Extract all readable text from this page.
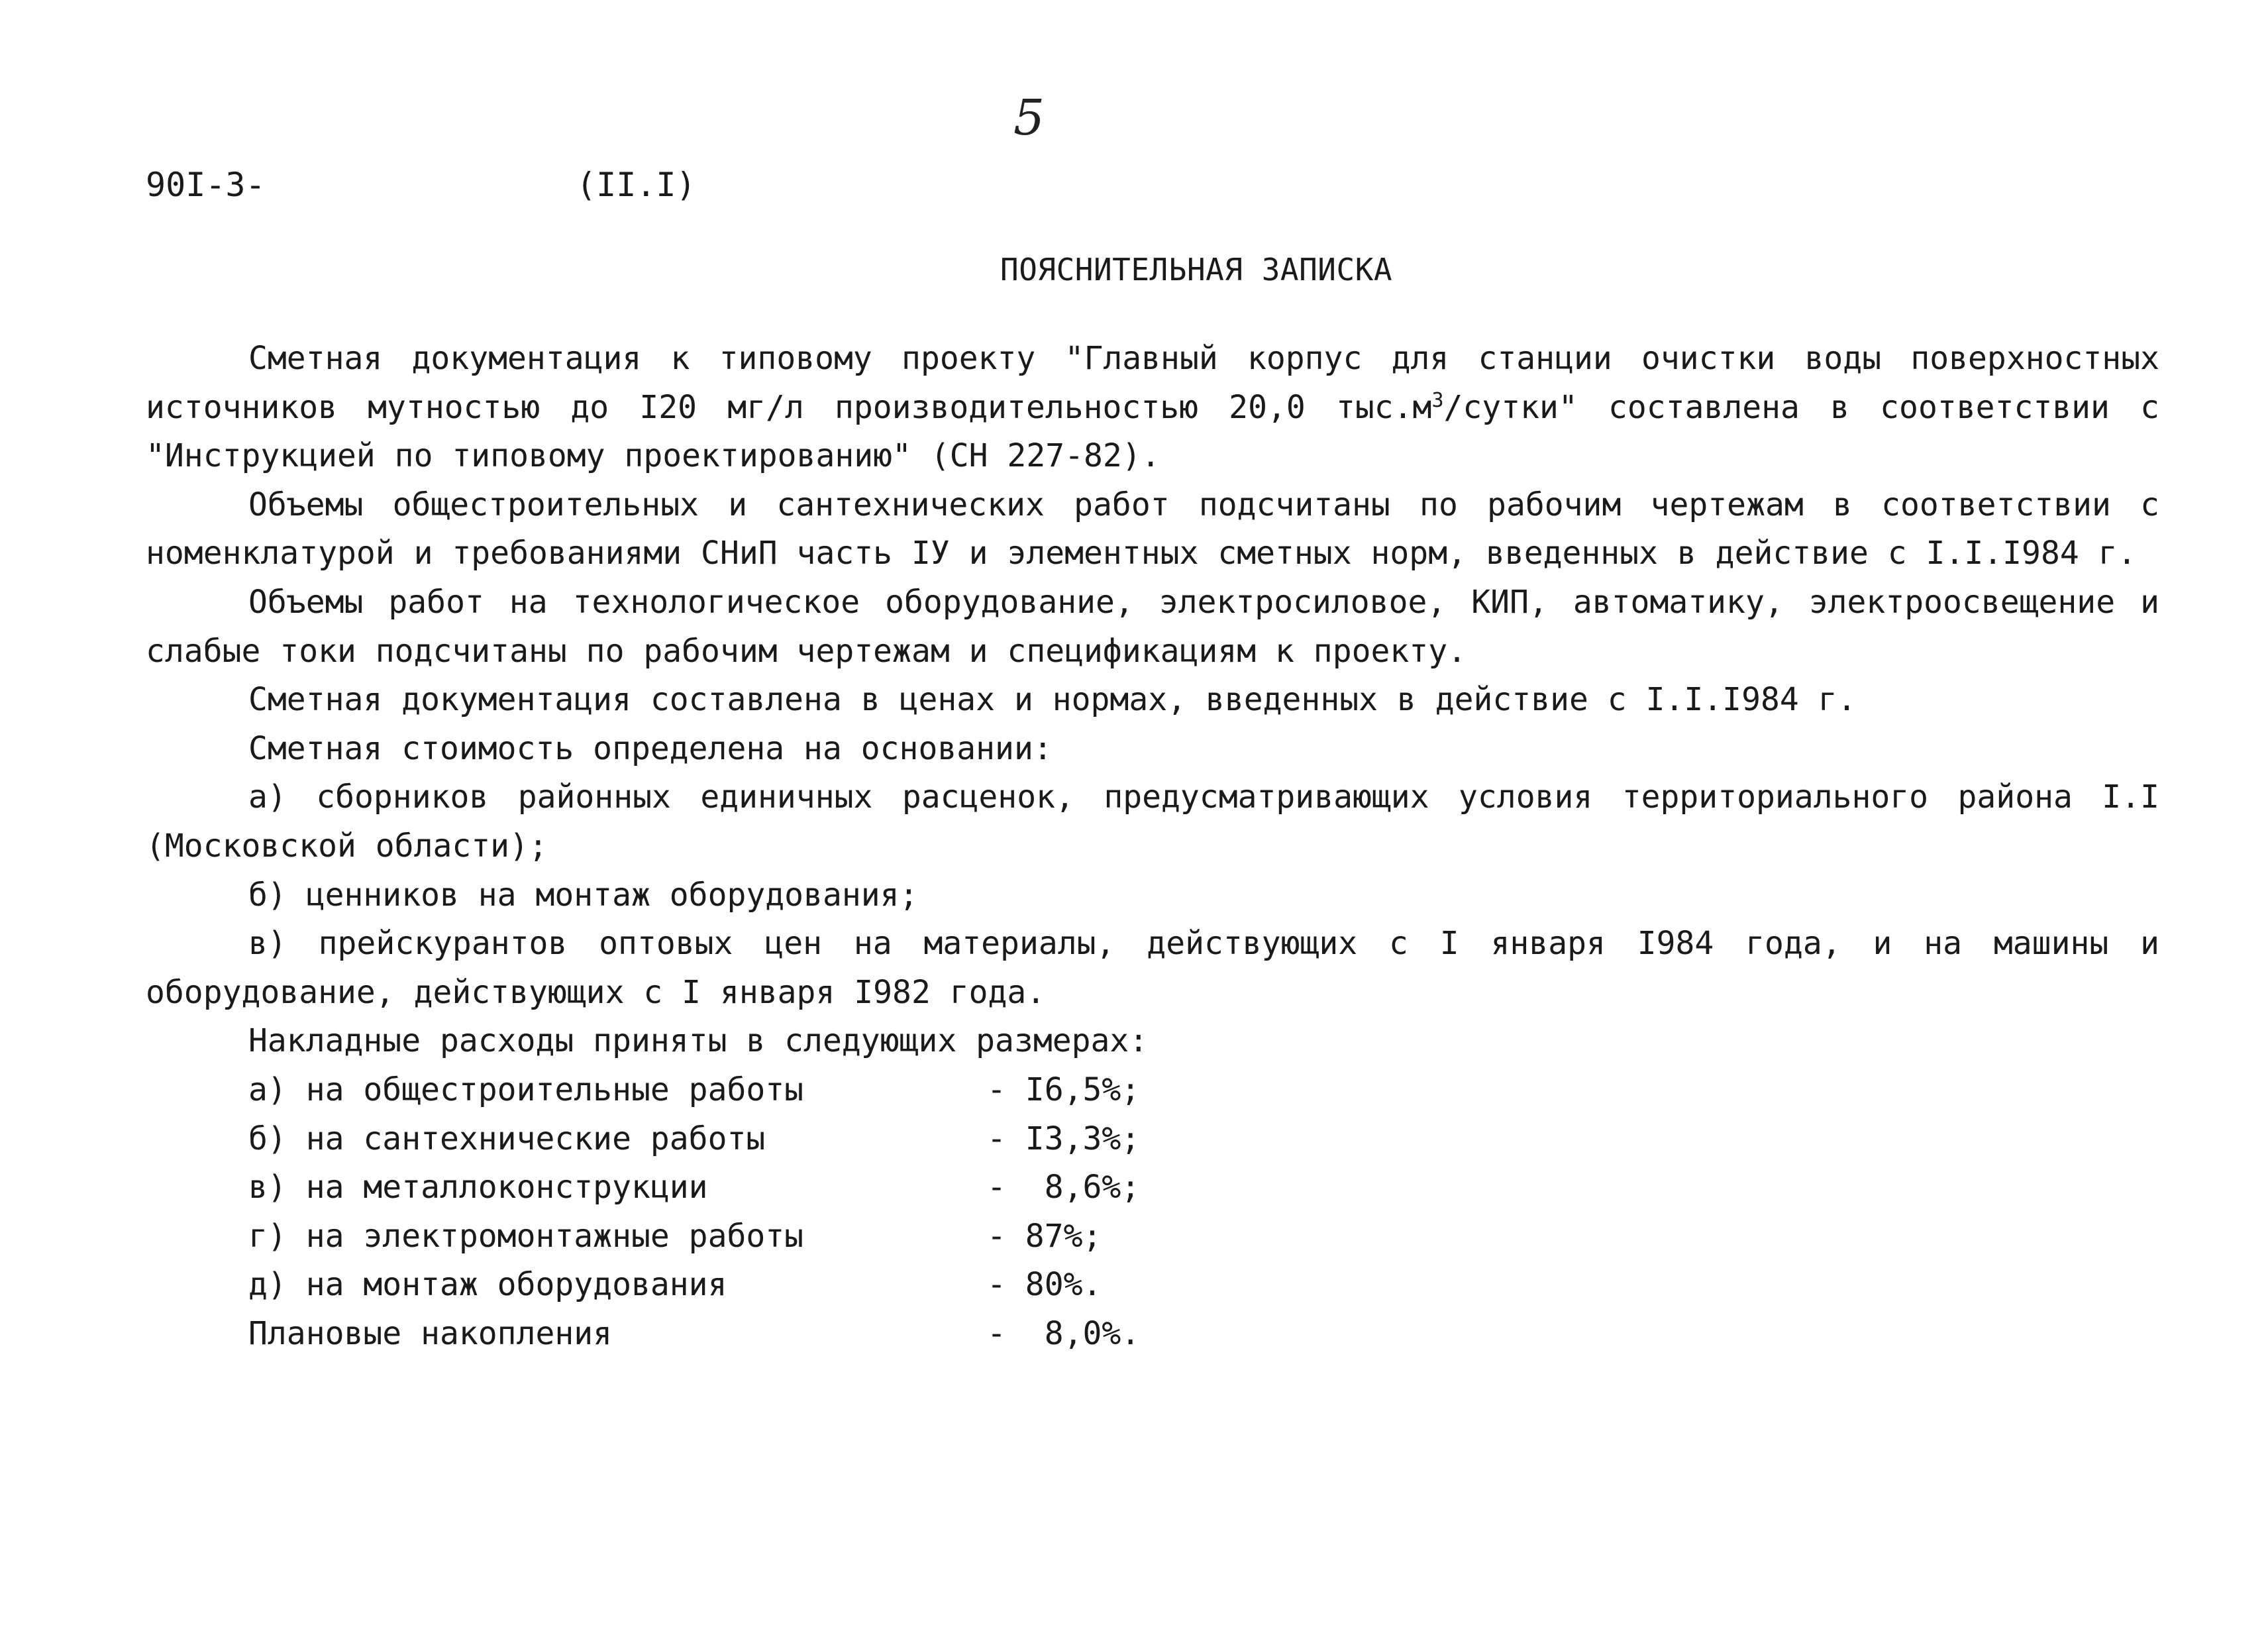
5
90I-3-	(II.I)
ПОЯСНИТЕЛЬНАЯ ЗАПИСКА

Сметная документация к типовому проекту "Главный корпус для станции очистки воды поверхностных источников мутностью до I20 мг/л производительностью 20,0 $тыс.м^3$/сутки" составлена в соответствии с "Инструкцией по типовому проектированию" (СН 227-82).

Объемы общестроительных и сантехнических работ подсчитаны по рабочим чертежам в соответствии с номенклатурой и требованиями СНиП часть IУ и элементных сметных норм, введенных в действие с I.I.I984 г.

Объемы работ на технологическое оборудование, электросиловое, КИП, автоматику, электроосвещение и слабые токи подсчитаны по рабочим чертежам и спецификациям к проекту.

Сметная документация составлена в ценах и нормах, введенных в действие с I.I.I984 г.

Сметная стоимость определена на основании:

а) сборников районных единичных расценок, предусматривающих условия территориального района I.I (Московской области);

б) ценников на монтаж оборудования;

в) прейскурантов оптовых цен на материалы, действующих с I января I984 года, и на машины и оборудование, действующих с I января I982 года.

Накладные расходы приняты в следующих размерах:

а) на общестроительные работы	- I6,5%;
б) на сантехнические работы	- I3,3%;
в) на металлоконструкции	-  8,6%;
г) на электромонтажные работы	- 87%;
д) на монтаж оборудования	- 80%.
Плановые накопления	-  8,0%.
